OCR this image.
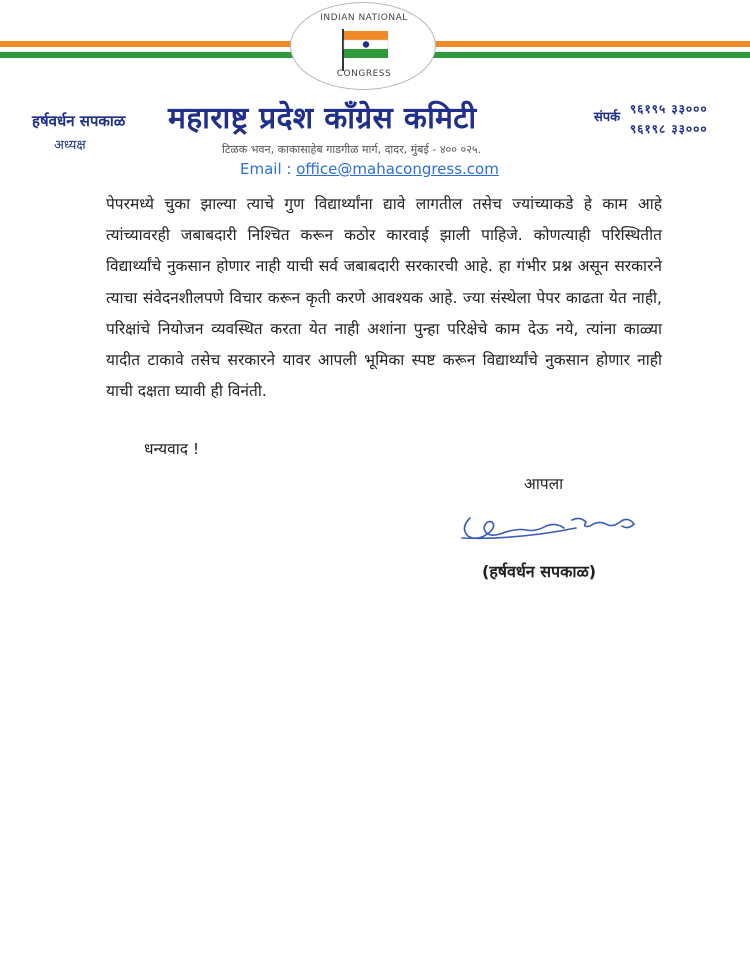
INDIAN NATIONAL
CONGRESS
हर्षवर्धन सपकाळ
अध्यक्ष
महाराष्ट्र प्रदेश कॉंग्रेस कमिटी
टिळक भवन, काकासाहेब गाडगीळ मार्ग, दादर, मुंबई - ४०० ०२५.
Email : office@mahacongress.com
संपर्क
९६१९५ ३३०००
९६१९८ ३३०००
पेपरमध्ये चुका झाल्या त्याचे गुण विद्यार्थ्यांना द्यावे लागतील तसेच ज्यांच्याकडे हे काम आहे त्यांच्यावरही जबाबदारी निश्चित करून कठोर कारवाई झाली पाहिजे. कोणत्याही परिस्थितीत विद्यार्थ्यांचे नुकसान होणार नाही याची सर्व जबाबदारी सरकारची आहे. हा गंभीर प्रश्न असून सरकारने त्याचा संवेदनशीलपणे विचार करून कृती करणे आवश्यक आहे. ज्या संस्थेला पेपर काढता येत नाही, परिक्षांचे नियोजन व्यवस्थित करता येत नाही अशांना पुन्हा परिक्षेचे काम देऊ नये, त्यांना काळ्या यादीत टाकावे तसेच सरकारने यावर आपली भूमिका स्पष्ट करून विद्यार्थ्यांचे नुकसान होणार नाही याची दक्षता घ्यावी ही विनंती.
धन्यवाद !
आपला
(हर्षवर्धन सपकाळ)
